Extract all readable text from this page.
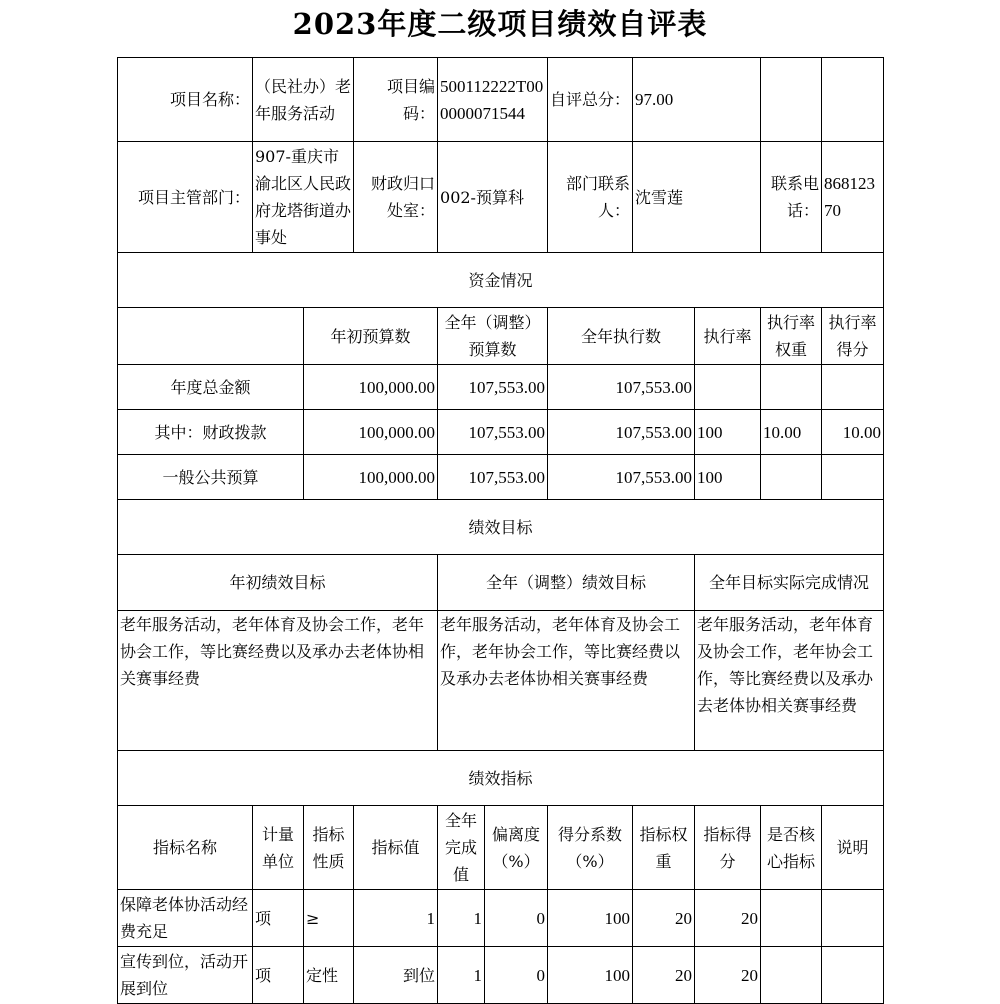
2023年度二级项目绩效自评表
项目名称：	（民社办）老年服务活动		项目编码：	500112222T000000071544		自评总分：	97.00			
项目主管部门：	907-重庆市渝北区人民政府龙塔街道办事处		财政归口处室：	002-预算科		部门联系人：	沈雪莲		联系电话：	86812370
资金情况										
		年初预算数		全年（调整）预算数		全年执行数		执行率	执行率权重	执行率得分
年度总金额		100,000.00		107,553.00		107,553.00				
其中：财政拨款		100,000.00		107,553.00		107,553.00		100	10.00	10.00
一般公共预算		100,000.00		107,553.00		107,553.00		100		
绩效目标										
年初绩效目标				全年（调整）绩效目标				全年目标实际完成情况		
老年服务活动，老年体育及协会工作，老年协会工作，等比赛经费以及承办去老体协相关赛事经费				老年服务活动，老年体育及协会工作，老年协会工作，等比赛经费以及承办去老体协相关赛事经费				老年服务活动，老年体育及协会工作，老年协会工作，等比赛经费以及承办去老体协相关赛事经费		
绩效指标										
指标名称	计量单位	指标性质	指标值	全年完成值	偏离度（%）	得分系数（%）	指标权重	指标得分	是否核心指标	说明
保障老体协活动经费充足	项	≥	1	1	0	100	20	20		
宣传到位，活动开展到位	项	定性	到位	1	0	100	20	20		
